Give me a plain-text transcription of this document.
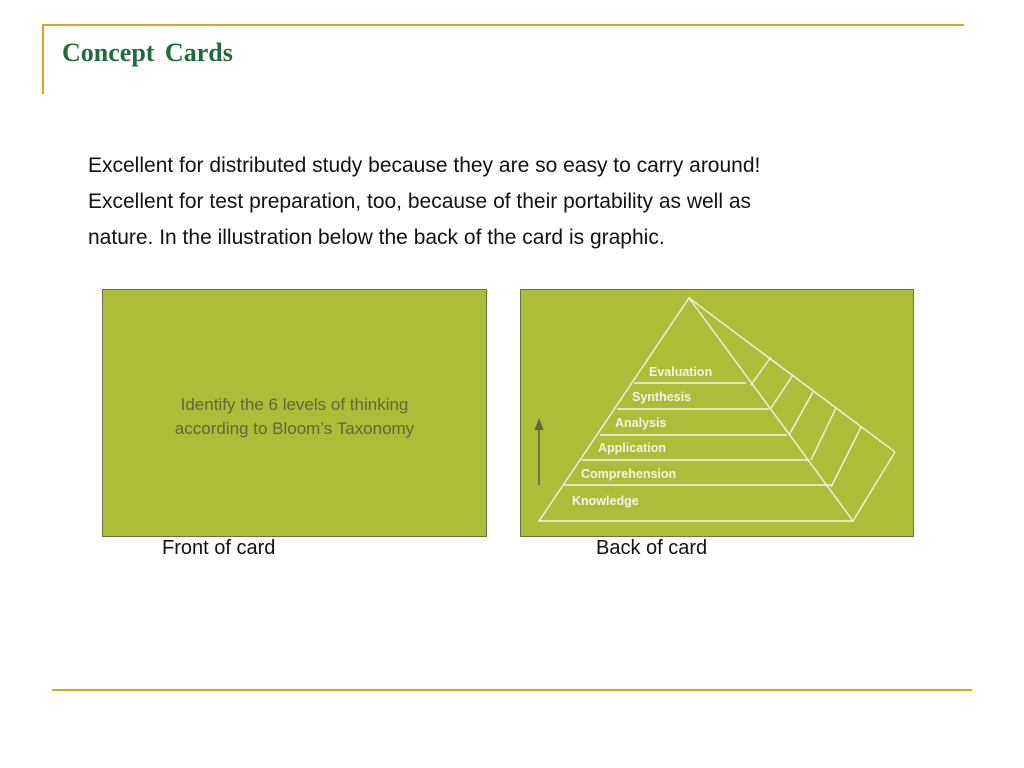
Concept Cards

Excellent for distributed study because they are so easy to carry around!
Excellent for test preparation, too, because of their portability as well as
nature. In the illustration below the back of the card is graphic.

Identify the 6 levels of thinking
according to Bloom’s Taxonomy

Evaluation
Synthesis
Analysis
Application
Comprehension
Knowledge

Front of card	Back of card
